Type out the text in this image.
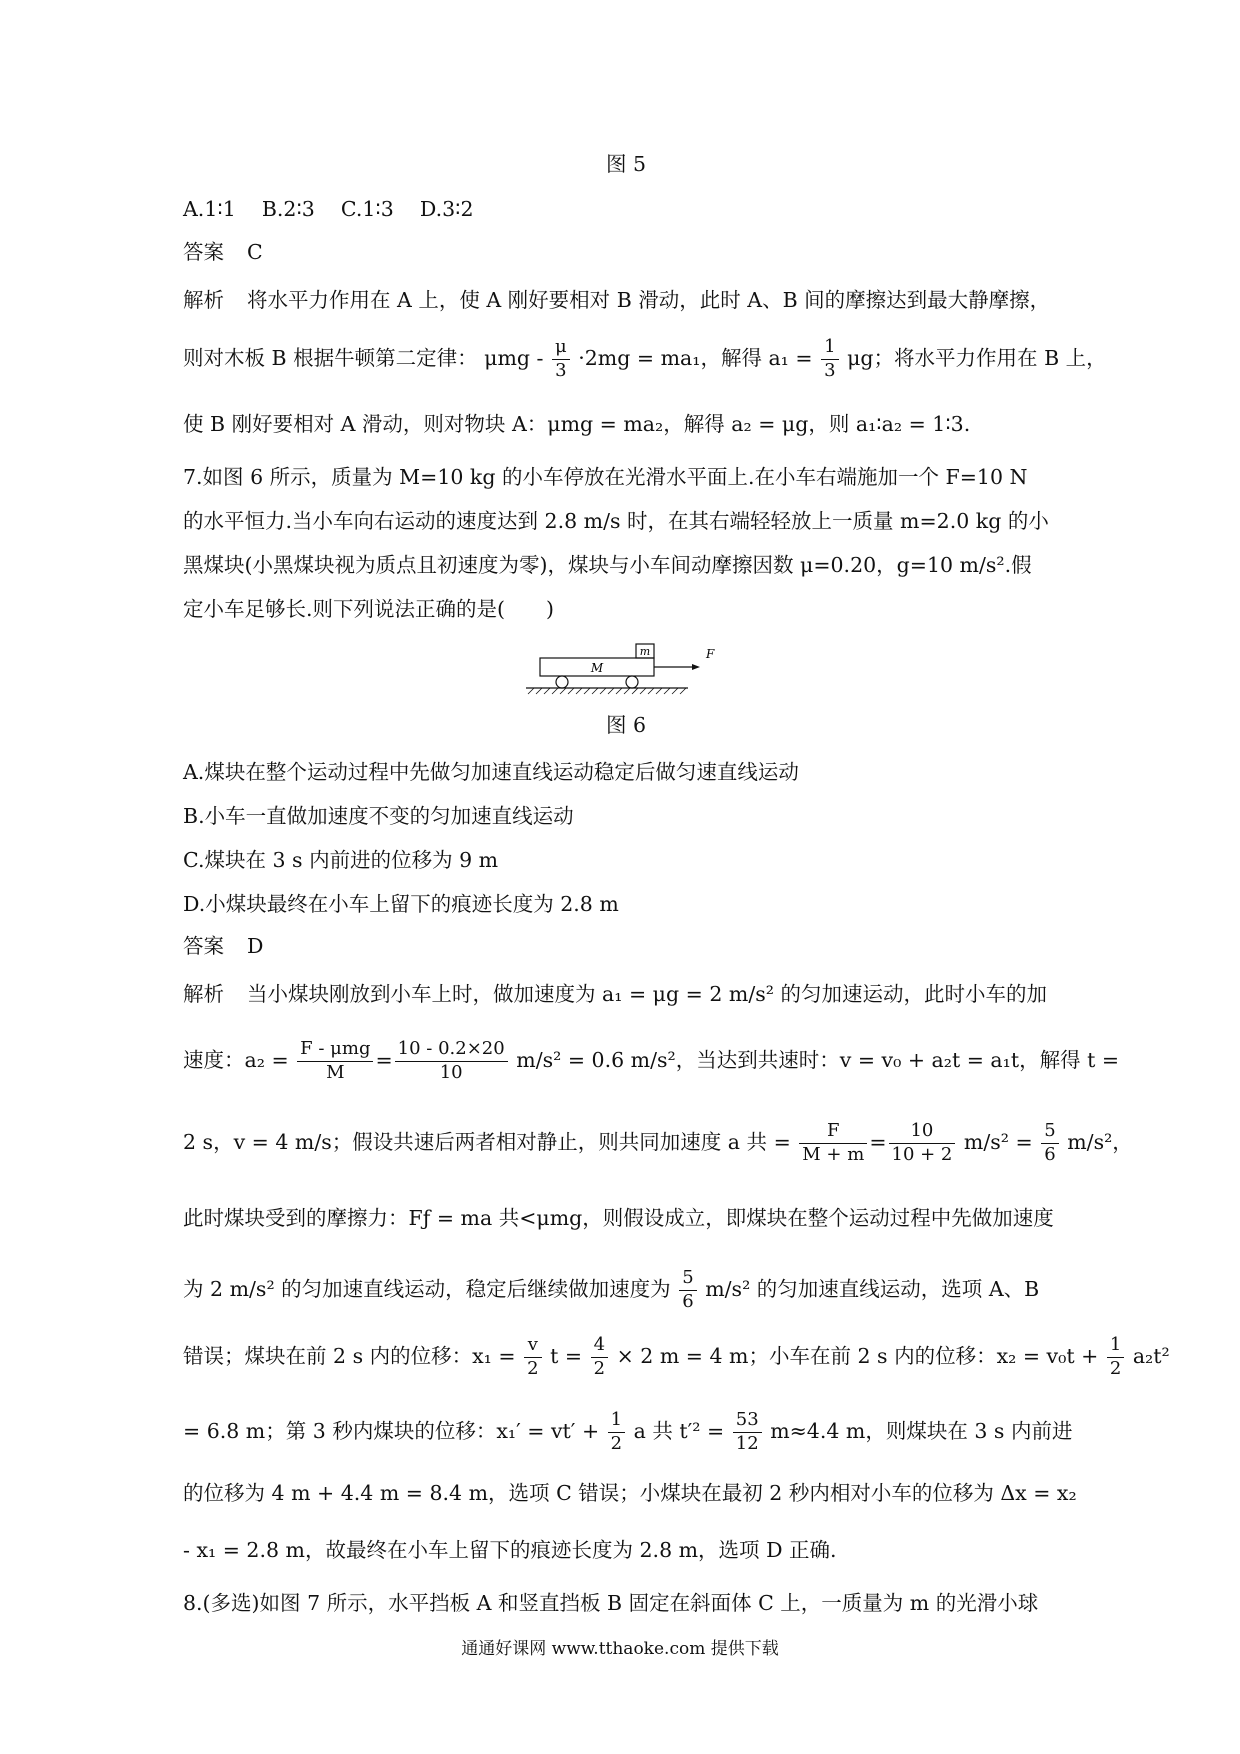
图 5

A.1∶1 B.2∶3 C.1∶3 D.3∶2

答案 C

解析 将水平力作用在 A 上，使 A 刚好要相对 B 滑动，此时 A、B 间的摩擦达到最大静摩擦，

则对木板 B 根据牛顿第二定律： $\mu mg - \frac{\mu}{3} \cdot 2mg = ma_1$，解得 $a_1 = \frac{1}{3}$ μg；将水平力作用在 B 上，

使 B 刚好要相对 A 滑动，则对物块 A：μmg = ma₂，解得 a₂ = μg，则 a₁∶a₂ = 1∶3.

7.如图 6 所示，质量为 M=10 kg 的小车停放在光滑水平面上.在小车右端施加一个 F=10 N

的水平恒力.当小车向右运动的速度达到 2.8 m/s 时，在其右端轻轻放上一质量 m=2.0 kg 的小

黑煤块(小黑煤块视为质点且初速度为零)，煤块与小车间动摩擦因数 μ=0.20，g=10 m/s².假

定小车足够长.则下列说法正确的是(　　)

m
M
F

图 6

A.煤块在整个运动过程中先做匀加速直线运动稳定后做匀速直线运动

B.小车一直做加速度不变的匀加速直线运动

C.煤块在 3 s 内前进的位移为 9 m

D.小煤块最终在小车上留下的痕迹长度为 2.8 m

答案 D

解析 当小煤块刚放到小车上时，做加速度为 a₁ = μg = 2 m/s² 的匀加速运动，此时小车的加

速度：$a_2 = \frac{\text{F - μmg}}{M} = \frac{10 - 0.2\times 20}{10} m/s^2 = 0.6$ m/s²，当达到共速时：v = v₀ + a₂t = a₁t，解得 t =

2 s，v = 4 m/s；假设共速后两者相对静止，则共同加速度 a 共 = $\frac{F}{M + m} = \frac{10}{10 + 2} m/s^2 = \frac{5}{6} m/s^2$，

此时煤块受到的摩擦力：Fƒ = ma 共<μmg，则假设成立，即煤块在整个运动过程中先做加速度

为 2 m/s² 的匀加速直线运动，稳定后继续做加速度为 $\frac{5}{6} m/s^2$ 的匀加速直线运动，选项 A、B

错误；煤块在前 2 s 内的位移：$x_1 = \frac{v}{2}$ $t = \frac{4}{2} \times 2$ m = 4 m；小车在前 2 s 内的位移：$x_2 = v_0t + \frac{1}{2} a_2t^2$

= 6.8 m；第 3 秒内煤块的位移：$x_1' = vt' + \frac{1}{2}$ a 共 $t'^2 = \frac{53}{12} m\approx 4.4$ m，则煤块在 3 s 内前进

的位移为 4 m + 4.4 m = 8.4 m，选项 C 错误；小煤块在最初 2 秒内相对小车的位移为 Δx = x₂

- x₁ = 2.8 m，故最终在小车上留下的痕迹长度为 2.8 m，选项 D 正确.

8.(多选)如图 7 所示，水平挡板 A 和竖直挡板 B 固定在斜面体 C 上，一质量为 m 的光滑小球

通通好课网 www.tthaoke.com 提供下载
